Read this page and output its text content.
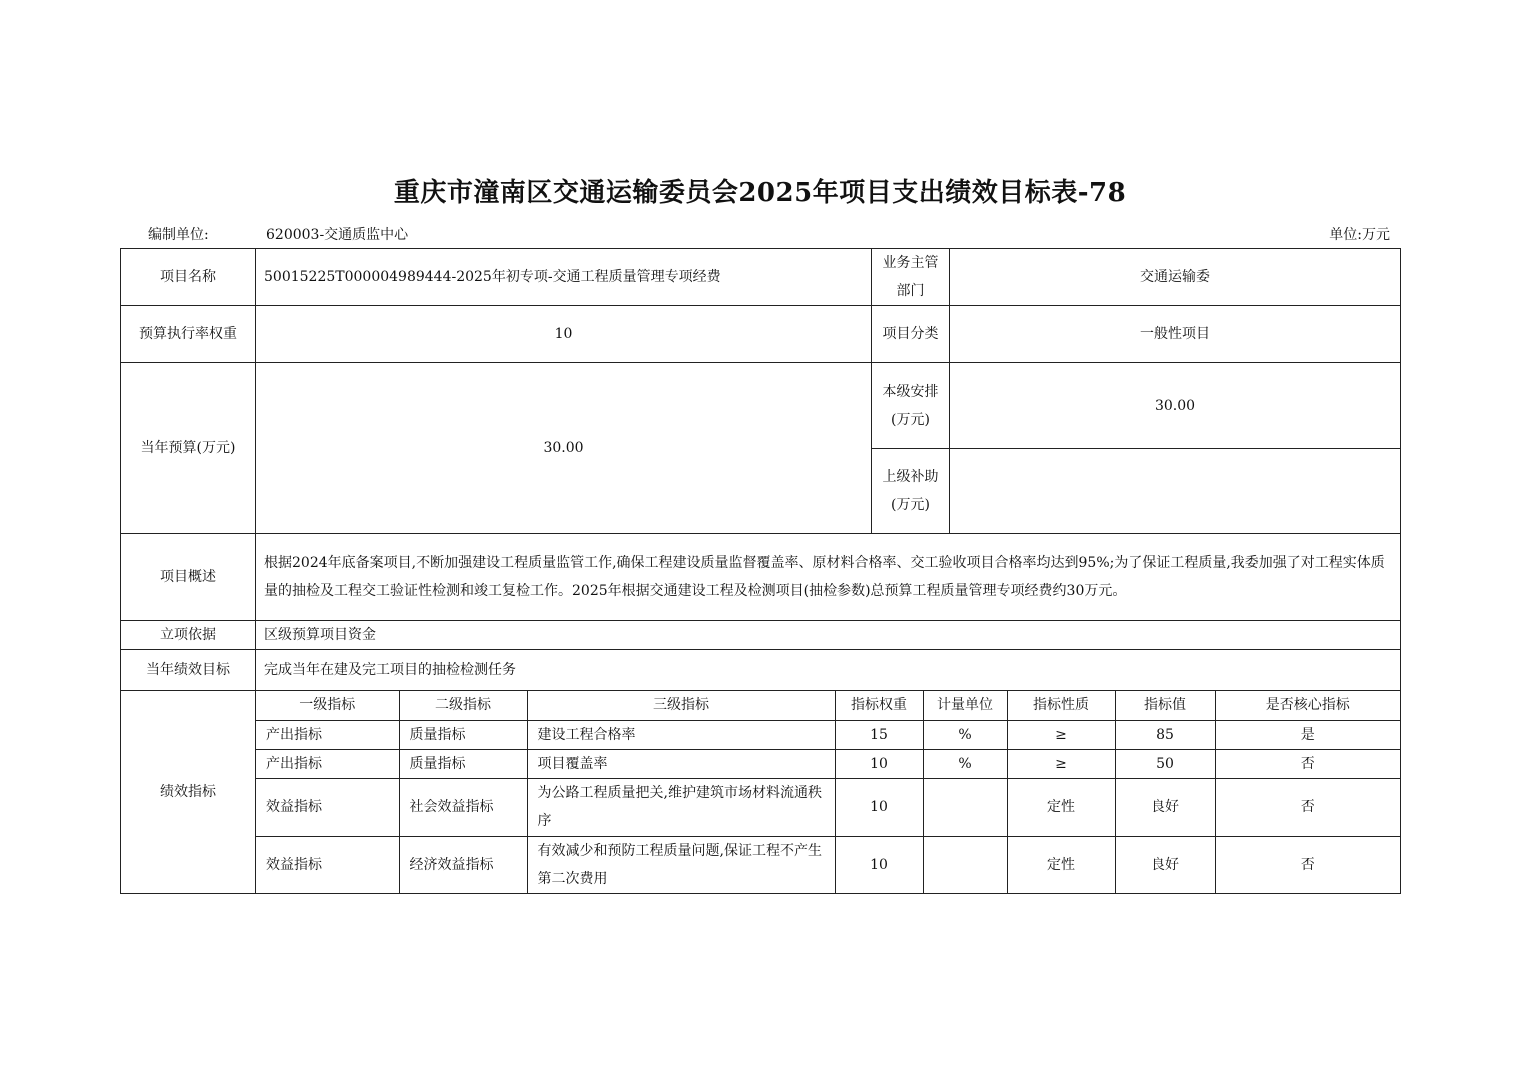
重庆市潼南区交通运输委员会2025年项目支出绩效目标表-78
编制单位:	620003-交通质监中心	单位:万元
项目名称	50015225T000004989444-2025年初专项-交通工程质量管理专项经费	业务主管部门	交通运输委
预算执行率权重	10	项目分类	一般性项目
当年预算(万元)	30.00	本级安排(万元)	30.00
上级补助(万元)	
项目概述	根据2024年底备案项目,不断加强建设工程质量监管工作,确保工程建设质量监督覆盖率、原材料合格率、交工验收项目合格率均达到95%;为了保证工程质量,我委加强了对工程实体质量的抽检及工程交工验证性检测和竣工复检工作。2025年根据交通建设工程及检测项目(抽检参数)总预算工程质量管理专项经费约30万元。
立项依据	区级预算项目资金
当年绩效目标	完成当年在建及完工项目的抽检检测任务
绩效指标	
一级指标	二级指标	三级指标	指标权重	计量单位	指标性质	指标值	是否核心指标
产出指标	质量指标	建设工程合格率	15	%	≥	85	是
产出指标	质量指标	项目覆盖率	10	%	≥	50	否
效益指标	社会效益指标	为公路工程质量把关,维护建筑市场材料流通秩序	10		定性	良好	否
效益指标	经济效益指标	有效减少和预防工程质量问题,保证工程不产生第二次费用	10		定性	良好	否
